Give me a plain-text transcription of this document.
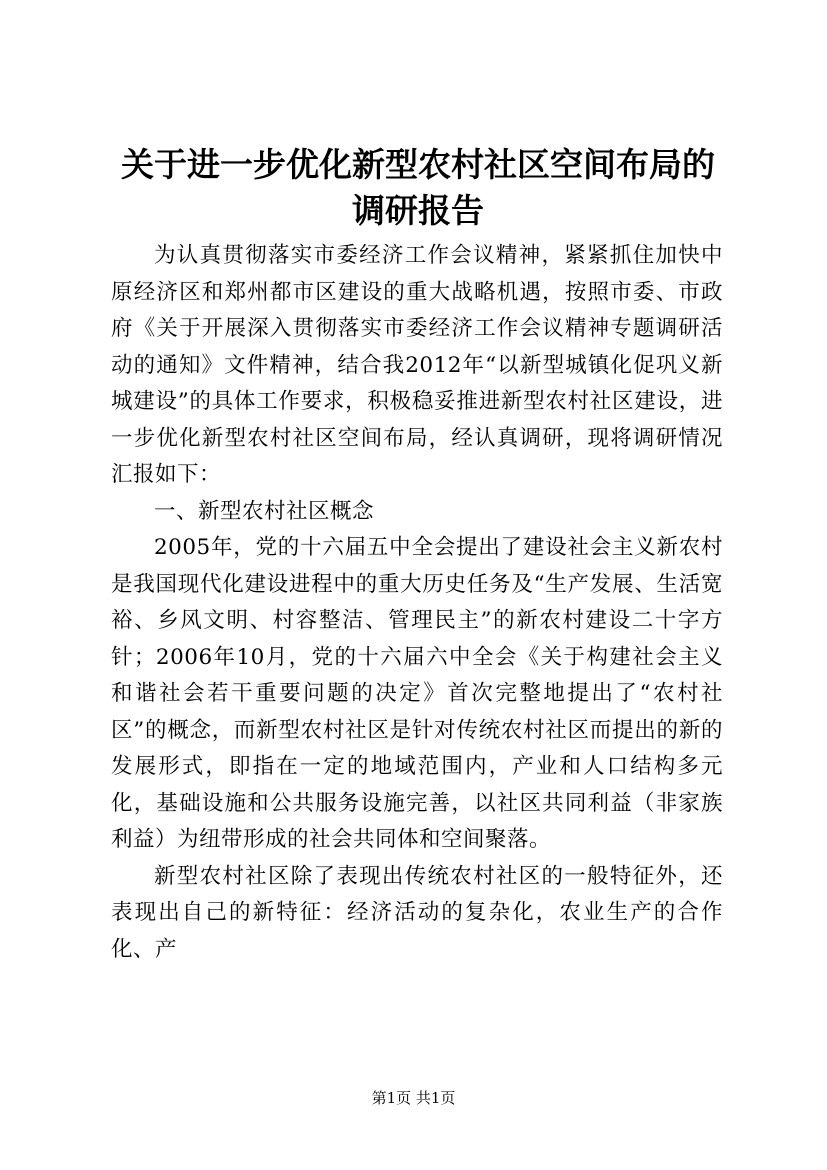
关于进一步优化新型农村社区空间布局的调研报告

为认真贯彻落实市委经济工作会议精神，紧紧抓住加快中原经济区和郑州都市区建设的重大战略机遇，按照市委、市政府《关于开展深入贯彻落实市委经济工作会议精神专题调研活动的通知》文件精神，结合我2012年“以新型城镇化促巩义新城建设”的具体工作要求，积极稳妥推进新型农村社区建设，进一步优化新型农村社区空间布局，经认真调研，现将调研情况汇报如下：

一、新型农村社区概念

2005年，党的十六届五中全会提出了建设社会主义新农村是我国现代化建设进程中的重大历史任务及“生产发展、生活宽裕、乡风文明、村容整洁、管理民主”的新农村建设二十字方针；2006年10月，党的十六届六中全会《关于构建社会主义和谐社会若干重要问题的决定》首次完整地提出了“农村社区”的概念，而新型农村社区是针对传统农村社区而提出的新的发展形式，即指在一定的地域范围内，产业和人口结构多元化，基础设施和公共服务设施完善，以社区共同利益（非家族利益）为纽带形成的社会共同体和空间聚落。

新型农村社区除了表现出传统农村社区的一般特征外，还表现出自己的新特征：经济活动的复杂化，农业生产的合作化、产

第1页 共1页
